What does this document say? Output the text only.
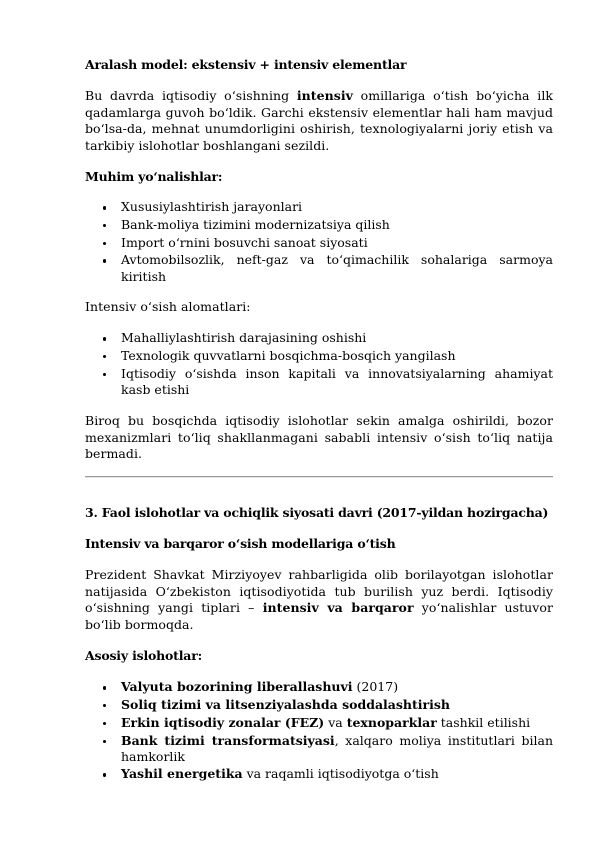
Aralash model: ekstensiv + intensiv elementlar

Bu davrda iqtisodiy o‘sishning intensiv omillariga o‘tish bo‘yicha ilk qadamlarga guvoh bo‘ldik. Garchi ekstensiv elementlar hali ham mavjud bo‘lsa-da, mehnat unumdorligini oshirish, texnologiyalarni joriy etish va tarkibiy islohotlar boshlangani sezildi.

Muhim yo‘nalishlar:

Xususiylashtirish jarayonlari
Bank-moliya tizimini modernizatsiya qilish
Import o‘rnini bosuvchi sanoat siyosati
Avtomobilsozlik, neft-gaz va to‘qimachilik sohalariga sarmoya kiritish

Intensiv o‘sish alomatlari:

Mahalliylashtirish darajasining oshishi
Texnologik quvvatlarni bosqichma-bosqich yangilash
Iqtisodiy o‘sishda inson kapitali va innovatsiyalarning ahamiyat kasb etishi

Biroq bu bosqichda iqtisodiy islohotlar sekin amalga oshirildi, bozor mexanizmlari to‘liq shakllanmagani sababli intensiv o‘sish to‘liq natija bermadi.

3. Faol islohotlar va ochiqlik siyosati davri (2017-yildan hozirgacha)

Intensiv va barqaror o‘sish modellariga o‘tish

Prezident Shavkat Mirziyoyev rahbarligida olib borilayotgan islohotlar natijasida O‘zbekiston iqtisodiyotida tub burilish yuz berdi. Iqtisodiy o‘sishning yangi tiplari – intensiv va barqaror yo‘nalishlar ustuvor bo‘lib bormoqda.

Asosiy islohotlar:

Valyuta bozorining liberallashuvi (2017)
Soliq tizimi va litsenziyalashda soddalashtirish
Erkin iqtisodiy zonalar (FEZ) va texnoparklar tashkil etilishi
Bank tizimi transformatsiyasi, xalqaro moliya institutlari bilan hamkorlik
Yashil energetika va raqamli iqtisodiyotga o‘tish
